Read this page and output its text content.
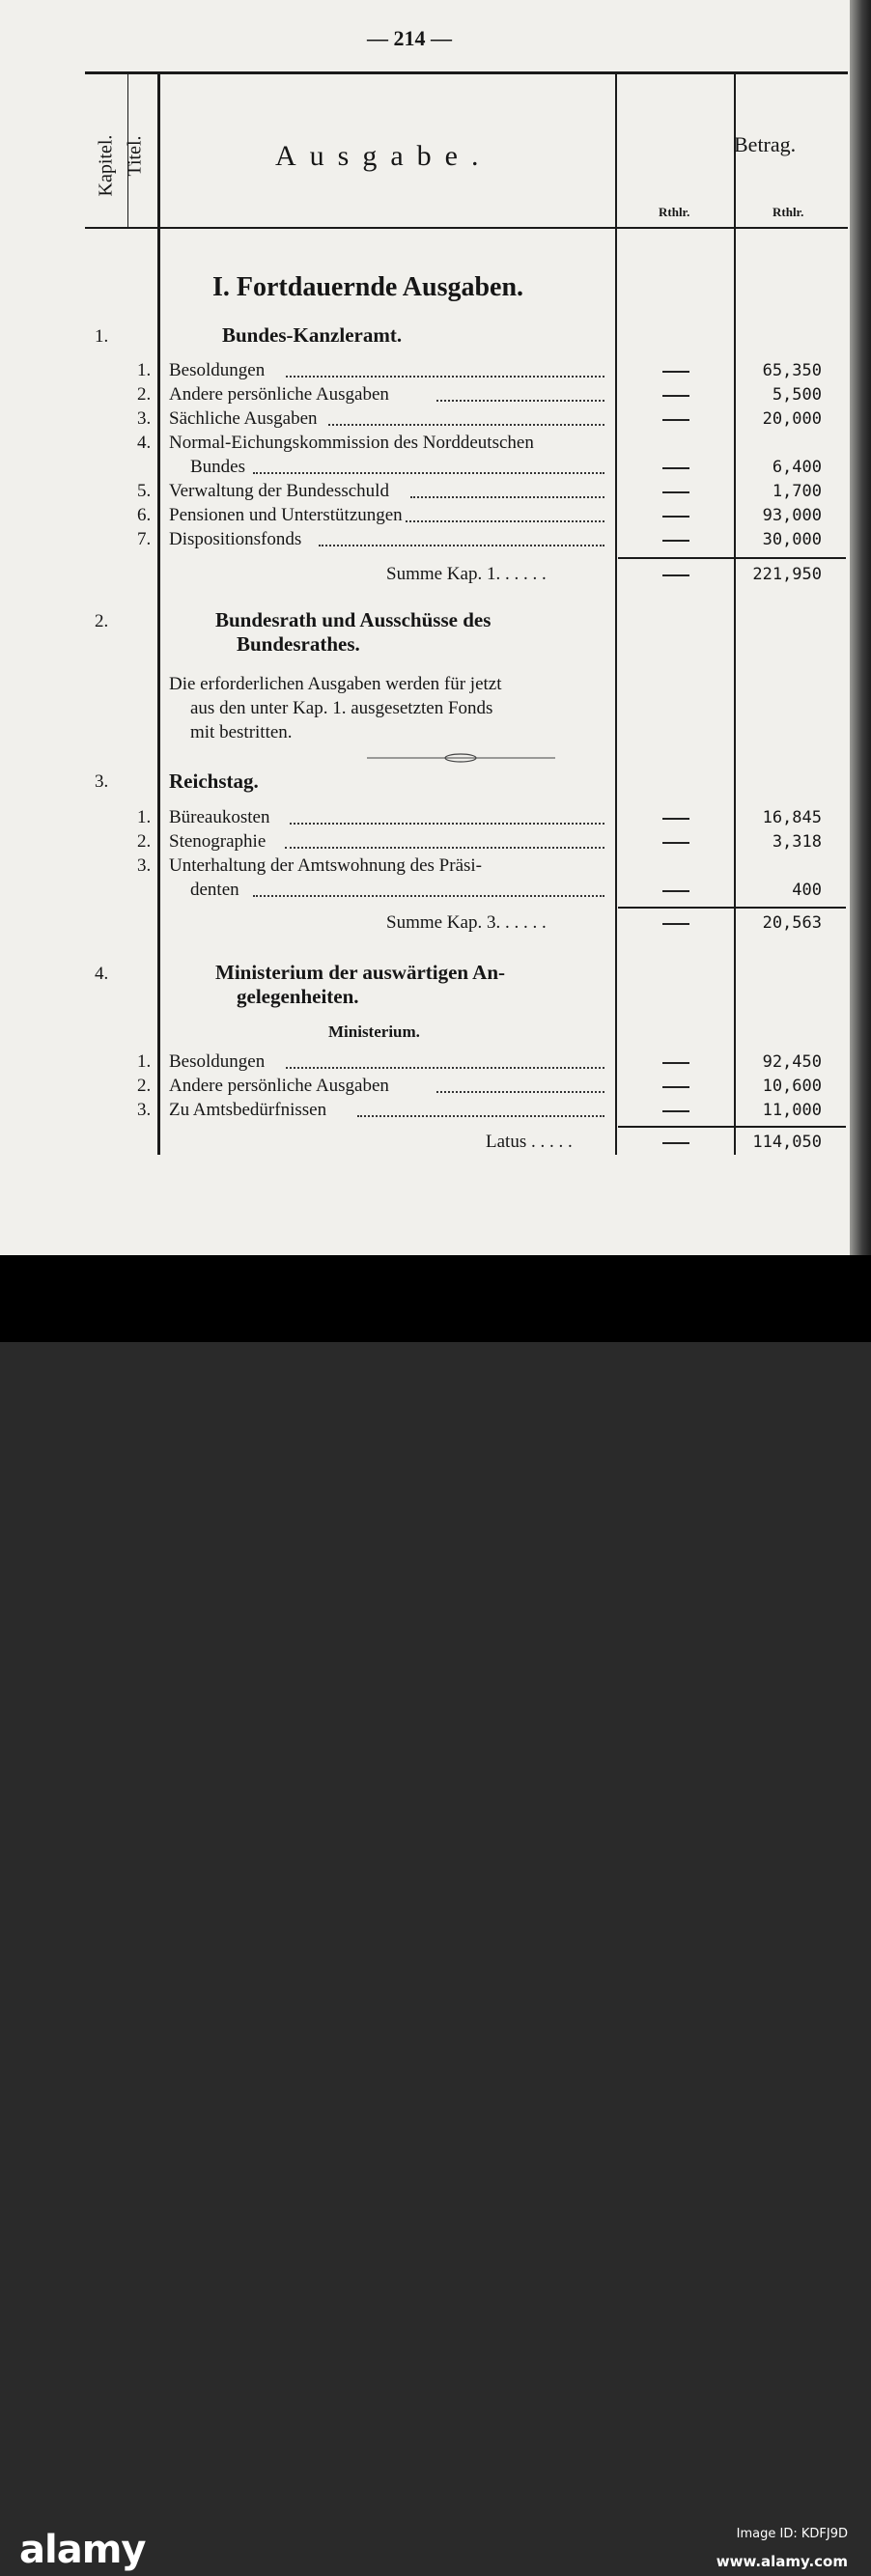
— 214 —
Kapitel. Titel.	Ausgabe.	Betrag.
Rthlr.	Rthlr.
I. Fortdauernde Ausgaben.
1.	Bundes-Kanzleramt.
1. Besoldungen	65,350
2. Andere persönliche Ausgaben	5,500
3. Sächliche Ausgaben	20,000
4. Normal-Eichungskommission des Norddeutschen
Bundes	6,400
5. Verwaltung der Bundesschuld	1,700
6. Pensionen und Unterstützungen	93,000
7. Dispositionsfonds	30,000
Summe Kap. 1. . . . . .	221,950
2.	Bundesrath und Ausschüsse des
Bundesrathes.
Die erforderlichen Ausgaben werden für jetzt
aus den unter Kap. 1. ausgesetzten Fonds
mit bestritten.
3.	Reichstag.
1. Büreaukosten	16,845
2. Stenographie	3,318
3. Unterhaltung der Amtswohnung des Präsi-
denten	400
Summe Kap. 3. . . . . .	20,563
4.	Ministerium der auswärtigen An-
gelegenheiten.
Ministerium.
1. Besoldungen	92,450
2. Andere persönliche Ausgaben	10,600
3. Zu Amtsbedürfnissen	11,000
Latus . . . . .	114,050
alamy	Image ID: KDFJ9D
www.alamy.com
